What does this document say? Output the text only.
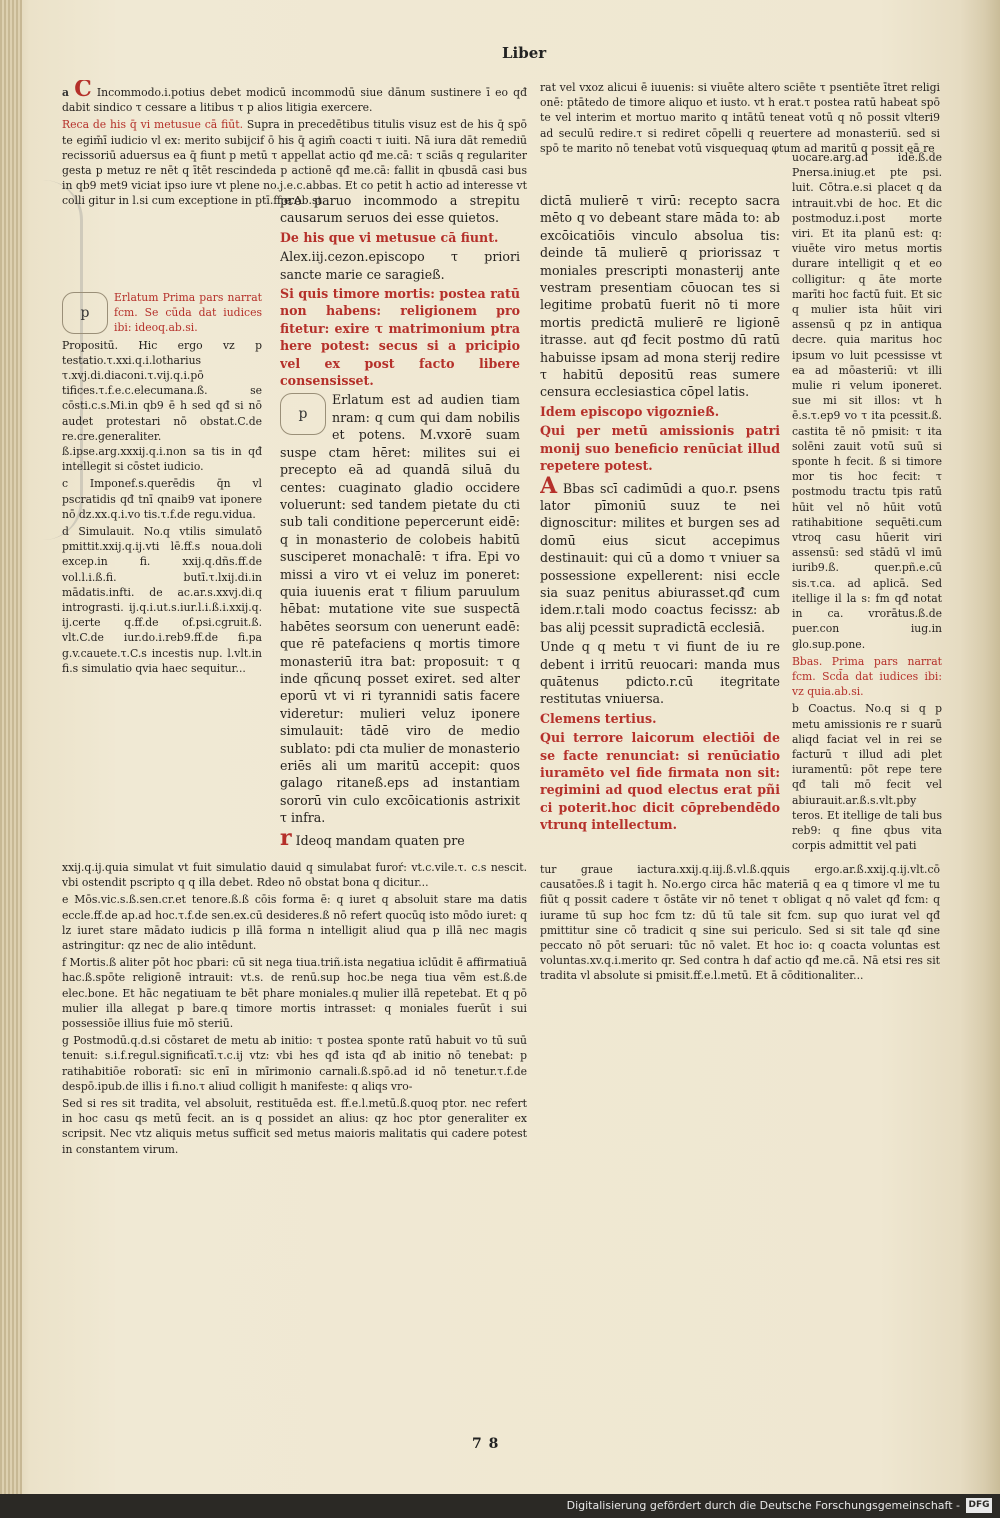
Liber

a C Incommodo.i.potius debet modicū incommodū siue dānum sustinere ī eo qđ dabit sindico τ cessare a litibus τ p alios litigia exercere.

Reca de his q̄ vi metusue cā fiūt. Supra in precedētibus titulis visuz est de his q̄ spō te egim̄ī iudicio vl ex: merito subijcif ō his q̄ agim̄ coacti τ iuiti. Nā iura dāt remediū recissoriū aduersus ea q̄ fiunt p metū τ appellat actio qđ me.cā: τ sciās q regulariter gesta p metuz re nēt q ītēt rescindeda p actionē qđ me.cā: fallit in qbusdā casi bus in qb9 met9 viciat ipso iure vt plene no.j.e.c.abbas. Et co petit h actio ad interesse vt colli gitur in l.si cum exceptione in ptī.ff.e.Ab.st.

p
Erlatum Prima pars narrat fcm. Se cūda dat iudices ibi: ideoq.ab.si.

Propositū. Hic ergo vz p testatio.τ.xxi.q.i.lotharius τ.xvj.di.diaconi.τ.vij.q.i.pō tifices.τ.f.e.c.elecumana.ß. se cōsti.c.s.Mi.in qb9 ē h sed qđ si nō audet protestari nō obstat.C.de re.cre.generaliter. ß.ipse.arg.xxxij.q.i.non sa tis in qđ intellegit si cōstet iudicio.

c Imponef.s.querēdis q̄n vl pscratidis qđ tnī qnaib9 vat iponere nō dz.xx.q.i.vo tis.τ.f.de regu.vidua.

d Simulauit. No.q vtilis simulatō pmittit.xxij.q.ij.vti lē.ff.s noua.doli excep.in fi. xxij.q.dñs.ff.de vol.l.i.ß.fi. butī.τ.lxij.di.in mādatis.infti. de ac.ar.s.xxvj.di.q intrograsti. ij.q.i.ut.s.iur.l.i.ß.i.xxij.q. ij.certe q.ff.de of.psi.cgruit.ß. vlt.C.de iur.do.i.reb9.ff.de fi.pa g.v.cauete.τ.C.s incestis nup. l.vlt.in fi.s simulatio qvia haec sequitur...

pro paruo incommodo a strepitu causarum seruos dei esse quietos.

De his que vi metusue cā fiunt.

Alex.iij.cezon.episcopo τ priori sancte marie ce saragieß.

Si quis timore mortis: postea ratū non habens: religionem pro fitetur: exire τ matrimonium ptra here potest: secus si a pricipio vel ex post facto libere consensisset.

p
Erlatum est ad audien tiam nram: q cum qui dam nobilis et potens. M.vxorē suam suspe ctam hēret: milites sui ei precepto eā ad quandā siluā du centes: cuaginato gladio occidere voluerunt: sed tandem pietate du cti sub tali conditione pepercerunt eidē: q in monasterio de colobeis habitū susciperet monachalē: τ ifra. Epi vo missi a viro vt ei veluz im poneret: quia iuuenis erat τ filium paruulum hēbat: mutatione vite sue suspectā habētes seorsum con uenerunt eadē: que rē patefaciens q mortis timore monasteriū itra bat: proposuit: τ q inde qñcunq posset exiret. sed alter eporū vt vi ri tyrannidi satis facere videretur: mulieri veluz iponere simulauit: tādē viro de medio sublato: pdi cta mulier de monasterio eriēs ali um maritū accepit: quos galago ritaneß.eps ad instantiam sororū vin culo excōicationis astrixit τ infra.

r Ideoq mandam quaten pre

rat vel vxoz alicui ē iuuenis: si viuēte altero sciēte τ psentiēte ītret religi onē: ptātedo de timore aliquo et iusto. vt h erat.τ postea ratū habeat spō te vel interim et mortuo marito q intātū teneat votū q nō possit vlteri9 ad seculū redire.τ si rediret cōpelli q reuertere ad monasteriū. sed si spō te marito nō tenebat votū visquequaq φtum ad maritū q possit eā re

dictā mulierē τ virū: recepto sacra mēto q vo debeant stare māda to: ab excōicatiōis vinculo absolua tis: deinde tā mulierē q priorissaz τ moniales prescripti monasterij ante vestram presentiam cōuocan tes si legitime probatū fuerit nō ti more mortis predictā mulierē re ligionē itrasse. aut qđ fecit postmo dū ratū habuisse ipsam ad mona sterij redire τ habitū depositū reas sumere censura ecclesiastica cōpel latis.

Idem episcopo vigoznieß.

Qui per metū amissionis patri monij suo beneficio renūciat illud repetere potest.

A Bbas scī cadimūdi a quo.r. psens lator pīmoniū suuz te nei dignoscitur: milites et burgen ses ad domū eius sicut accepimus destinauit: qui cū a domo τ vniuer sa possessione expellerent: nisi eccle sia suaz penitus abiurasset.qđ cum idem.r.tali modo coactus fecissz: ab bas alij pcessit supradictā ecclesiā.

Unde q q metu τ vi fiunt de iu re debent i irritū reuocari: manda mus quātenus pdicto.r.cū itegritate restitutas vniuersa.

Clemens tertius.

Qui terrore laicorum electiōi de se facte renunciat: si renūciatio iuramēto vel fide firmata non sit: regimini ad quod electus erat pñi ci poterit.hoc dicit cōprebendēdo vtrunq intellectum.

uocare.arg.ad idē.ß.de Pnersa.iniug.et pte psi. luit. Cōtra.e.si placet q da intrauit.vbi de hoc. Et dic postmoduz.i.post morte viri. Et ita planū est: q: viuēte viro metus mortis durare intelligit q et eo colligitur: q āte morte marīti hoc factū fuit. Et sic q mulier ista hūit viri assensū q pz in antiqua decre. quia maritus hoc ipsum vo luit pcessisse vt ea ad mōasteriū: vt illi mulie ri velum iponeret. sue mi sit illos: vt h ē.s.τ.ep9 vo τ ita pcessit.ß. castita tē nō pmisit: τ ita solēni zauit votū suū si sponte h fecit. ß si timore mor tis hoc fecit: τ postmodu tractu tpis ratū hūit vel nō hūit votū ratihabitione sequēti.cum vtroq casu hūerit viri assensū: sed stādū vl imū iurib9.ß. quer.pñ.e.cū sis.τ.ca. ad aplicā. Sed itellige il la s: fm qđ notat in ca. vrorātus.ß.de puer.con iug.in glo.sup.pone.

Bbas. Prima pars narrat fcm. Scd̄a dat iudices ibi: vz quia.ab.si.

b Coactus. No.q si q p metu amissionis re r suarū aliqd faciat vel in rei se facturū τ illud adi plet iuramentū: pōt repe tere qđ tali mō fecit vel abiurauit.ar.ß.s.vlt.pby teros. Et itellige de tali bus reb9: q fine qbus vita corpis admittit vel pati

xxij.q.ij.quia simulat vt fuit simulatio dauid q simulabat furoŕ: vt.c.vile.τ. c.s nescit. vbi ostendit pscripto q q illa debet. Rdeo nō obstat bona q dicitur...

e Mōs.vic.s.ß.sen.cr.et tenore.ß.ß cōis forma ē: q iuret q absoluit stare ma datis eccle.ff.de ap.ad hoc.τ.f.de sen.ex.cū desideres.ß nō refert quocūq isto mōdo iuret: q lz iuret stare mādato iudicis p illā forma n intelligit aliud qua p illā nec magis astringitur: qz nec de alio intēdunt.

f Mortis.ß aliter pōt hoc pbari: cū sit nega tiua.triñ.ista negatiua iclūdit ē affirmatiuā hac.ß.spōte religionē intrauit: vt.s. de renū.sup hoc.be nega tiua vēm est.ß.de elec.bone. Et hāc negatiuam te bēt phare moniales.q mulier illā repetebat. Et q pō mulier illa allegat p bare.q timore mortis intrasset: q moniales fuerūt i sui possessiōe illius fuie mō steriū.

g Postmodū.q.d.si cōstaret de metu ab initio: τ postea sponte ratū habuit vo tū suū tenuit: s.i.f.regul.significatī.τ.c.ij vtz: vbi hes qđ ista qđ ab initio nō tenebat: p ratihabitiōe roboratī: sic enī in mīrimonio carnali.ß.spō.ad id nō tenetur.τ.f.de despō.ipub.de illis i fi.no.τ aliud colligit h manifeste: q aliqs vro-

Sed si res sit tradita, vel absoluit, restituēda est. ff.e.l.metū.ß.quoq ptor. nec refert in hoc casu qs metū fecit. an is q possidet an alius: qz hoc ptor generaliter ex scripsit. Nec vtz aliquis metus sufficit sed metus maioris malitatis qui cadere potest in constantem virum.

tur graue iactura.xxij.q.iij.ß.vl.ß.qquis ergo.ar.ß.xxij.q.ij.vlt.cō causatōes.ß i tagit h. No.ergo circa hāc materiā q ea q timore vl me tu fiūt q possit cadere τ ōstāte vir nō tenet τ obligat q nō valet qđ fcm: q iurame tū sup hoc fcm tz: dū tū tale sit fcm. sup quo iurat vel qđ pmittitur sine cō tradicit q sine sui periculo. Sed si sit tale qđ sine peccato nō pōt seruari: tūc nō valet. Et hoc io: q coacta voluntas est voluntas.xv.q.i.merito qr. Sed contra h daf actio qđ me.cā. Nā etsi res sit tradita vl absolute si pmisit.ff.e.l.metū. Et ā cōditionaliter...

7 8
Digitalisierung gefördert durch die Deutsche Forschungsgemeinschaft - DFG
